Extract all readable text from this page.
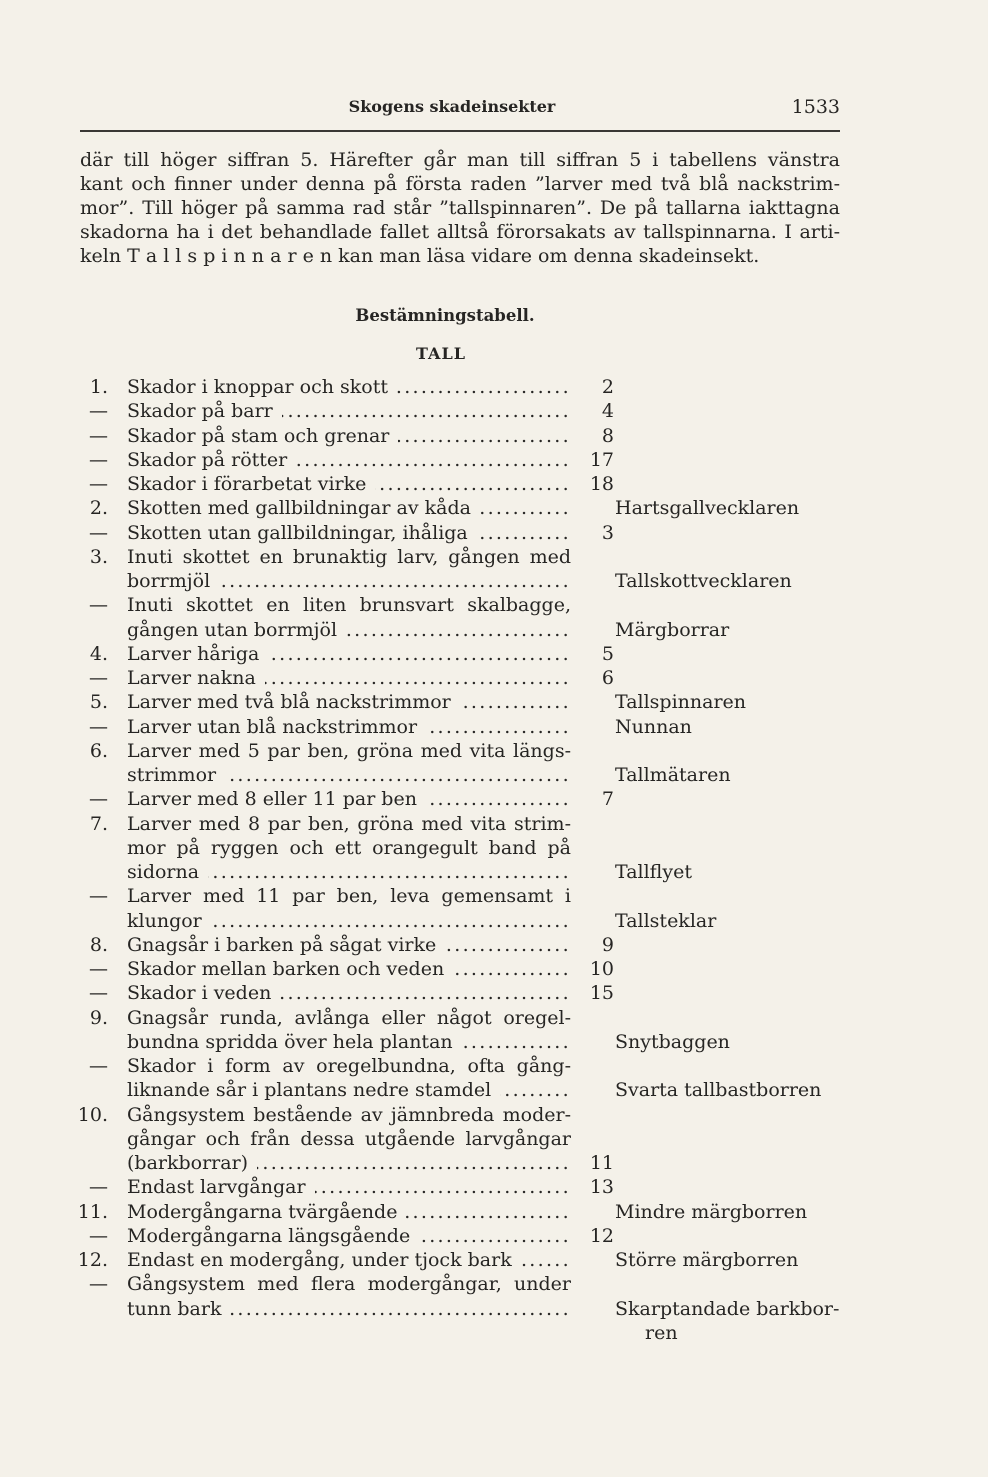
Skogens skadeinsekter	1533
där till höger siffran 5. Härefter går man till siffran 5 i tabellens vänstra
kant och finner under denna på första raden ”larver med två blå nackstrim-
mor”. Till höger på samma rad står ”tallspinnaren”. De på tallarna iakttagna
skadorna ha i det behandlade fallet alltså förorsakats av tallspinnarna. I arti-
keln T a l l s p i n n a r e n kan man läsa vidare om denna skadeinsekt.
Bestämningstabell.
TALL
1. Skador i knoppar och skott .....	2
— Skador på barr .....	4
— Skador på stam och grenar .....	8
— Skador på rötter .....	17
— Skador i förarbetat virke .....	18
2. Skotten med gallbildningar av kåda .....	Hartsgallvecklaren
— Skotten utan gallbildningar, ihåliga .....	3
3. Inuti skottet en brunaktig larv, gången med
borrmjöl .....	Tallskottvecklaren
— Inuti skottet en liten brunsvart skalbagge,
gången utan borrmjöl .....	Märgborrar
4. Larver håriga .....	5
— Larver nakna .....	6
5. Larver med två blå nackstrimmor .....	Tallspinnaren
— Larver utan blå nackstrimmor .....	Nunnan
6. Larver med 5 par ben, gröna med vita längs-
strimmor .....	Tallmätaren
— Larver med 8 eller 11 par ben .....	7
7. Larver med 8 par ben, gröna med vita strim-
mor på ryggen och ett orangegult band på
sidorna .....	Tallflyet
— Larver med 11 par ben, leva gemensamt i
klungor .....	Tallsteklar
8. Gnagsår i barken på sågat virke .....	9
— Skador mellan barken och veden .....	10
— Skador i veden .....	15
9. Gnagsår runda, avlånga eller något oregel-
bundna spridda över hela plantan .....	Snytbaggen
— Skador i form av oregelbundna, ofta gång-
liknande sår i plantans nedre stamdel .....	Svarta tallbastborren
10. Gångsystem bestående av jämnbreda moder-
gångar och från dessa utgående larvgångar
(barkborrar) .....	11
— Endast larvgångar .....	13
11. Modergångarna tvärgående .....	Mindre märgborren
— Modergångarna längsgående .....	12
12. Endast en modergång, under tjock bark .....	Större märgborren
— Gångsystem med flera modergångar, under
tunn bark .....	Skarptandade barkbor-
ren
